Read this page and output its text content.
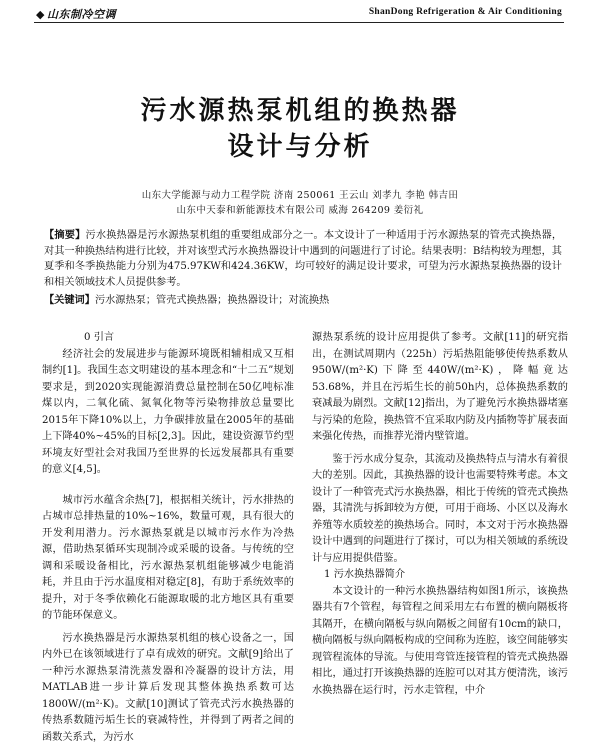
◆ 山东制冷空调	ShanDong Refrigeration & Air Conditioning
污水源热泵机组的换热器
设计与分析
山东大学能源与动力工程学院 济南 250061 王云山 刘孝九 李艳 韩吉田
山东中天泰和新能源技术有限公司 威海 264209 姜衍礼

【摘要】污水换热器是污水源热泵机组的重要组成部分之一。本文设计了一种适用于污水源热泵的管壳式换热器，对其一种换热结构进行比较，并对该型式污水换热器设计中遇到的问题进行了讨论。结果表明：B结构较为理想，其夏季和冬季换热能力分别为475.97KW和424.36KW，均可较好的满足设计要求，可望为污水源热泵换热器的设计和相关领域技术人员提供参考。

【关键词】污水源热泵；管壳式换热器；换热器设计；对流换热

0 引言

经济社会的发展进步与能源环境既相辅相成又互相制约[1]。我国生态文明建设的基本理念和“十二五”规划要求是，到2020实现能源消费总量控制在50亿吨标准煤以内，二氧化硫、氮氧化物等污染物排放总量要比2015年下降10%以上，力争碳排放量在2005年的基础上下降40%~45%的目标[2,3]。因此，建设资源节约型环境友好型社会对我国乃至世界的长远发展都具有重要的意义[4,5]。

城市污水蕴含余热[7]，根据相关统计，污水排热的占城市总排热量的10%~16%，数量可观，具有很大的开发利用潜力。污水源热泵就是以城市污水作为冷热源，借助热泵循环实现制冷或采暖的设备。与传统的空调和采暖设备相比，污水源热泵机组能够减少电能消耗，并且由于污水温度相对稳定[8]，有助于系统效率的提升，对于冬季依赖化石能源取暖的北方地区具有重要的节能环保意义。

污水换热器是污水源热泵机组的核心设备之一，国内外已在该领域进行了卓有成效的研究。文献[9]给出了一种污水源热泵清洗蒸发器和冷凝器的设计方法，用MATLAB进一步计算后发现其整体换热系数可达1800W/(m²·K)。文献[10]测试了管壳式污水换热器的传热系数随污垢生长的衰减特性，并得到了两者之间的函数关系式，为污水

源热泵系统的设计应用提供了参考。文献[11]的研究指出，在测试周期内（225h）污垢热阻能够使传热系数从950W/(m²·K)下降至440W/(m²·K)，降幅竟达53.68%，并且在污垢生长的前50h内，总体换热系数的衰减最为剧烈。文献[12]指出，为了避免污水换热器堵塞与污染的危险，换热管不宜采取内防及内插物等扩展表面来强化传热，而推荐光滑内壁管道。

鉴于污水成分复杂，其流动及换热特点与清水有着很大的差别。因此，其换热器的设计也需要特殊考虑。本文设计了一种管壳式污水换热器，相比于传统的管壳式换热器，其清洗与拆卸较为方便，可用于商场、小区以及海水养殖等水质较差的换热场合。同时，本文对于污水换热器设计中遇到的问题进行了探讨，可以为相关领域的系统设计与应用提供借鉴。

1 污水换热器简介

本文设计的一种污水换热器结构如图1所示，该换热器共有7个管程，每管程之间采用左右布置的横向隔板将其隔开，在横向隔板与纵向隔板之间留有10cm的缺口，横向隔板与纵向隔板构成的空间称为连腔，该空间能够实现管程流体的导流。与使用弯管连接管程的管壳式换热器相比，通过打开该换热器的连腔可以对其方便清洗，该污水换热器在运行时，污水走管程，中介
